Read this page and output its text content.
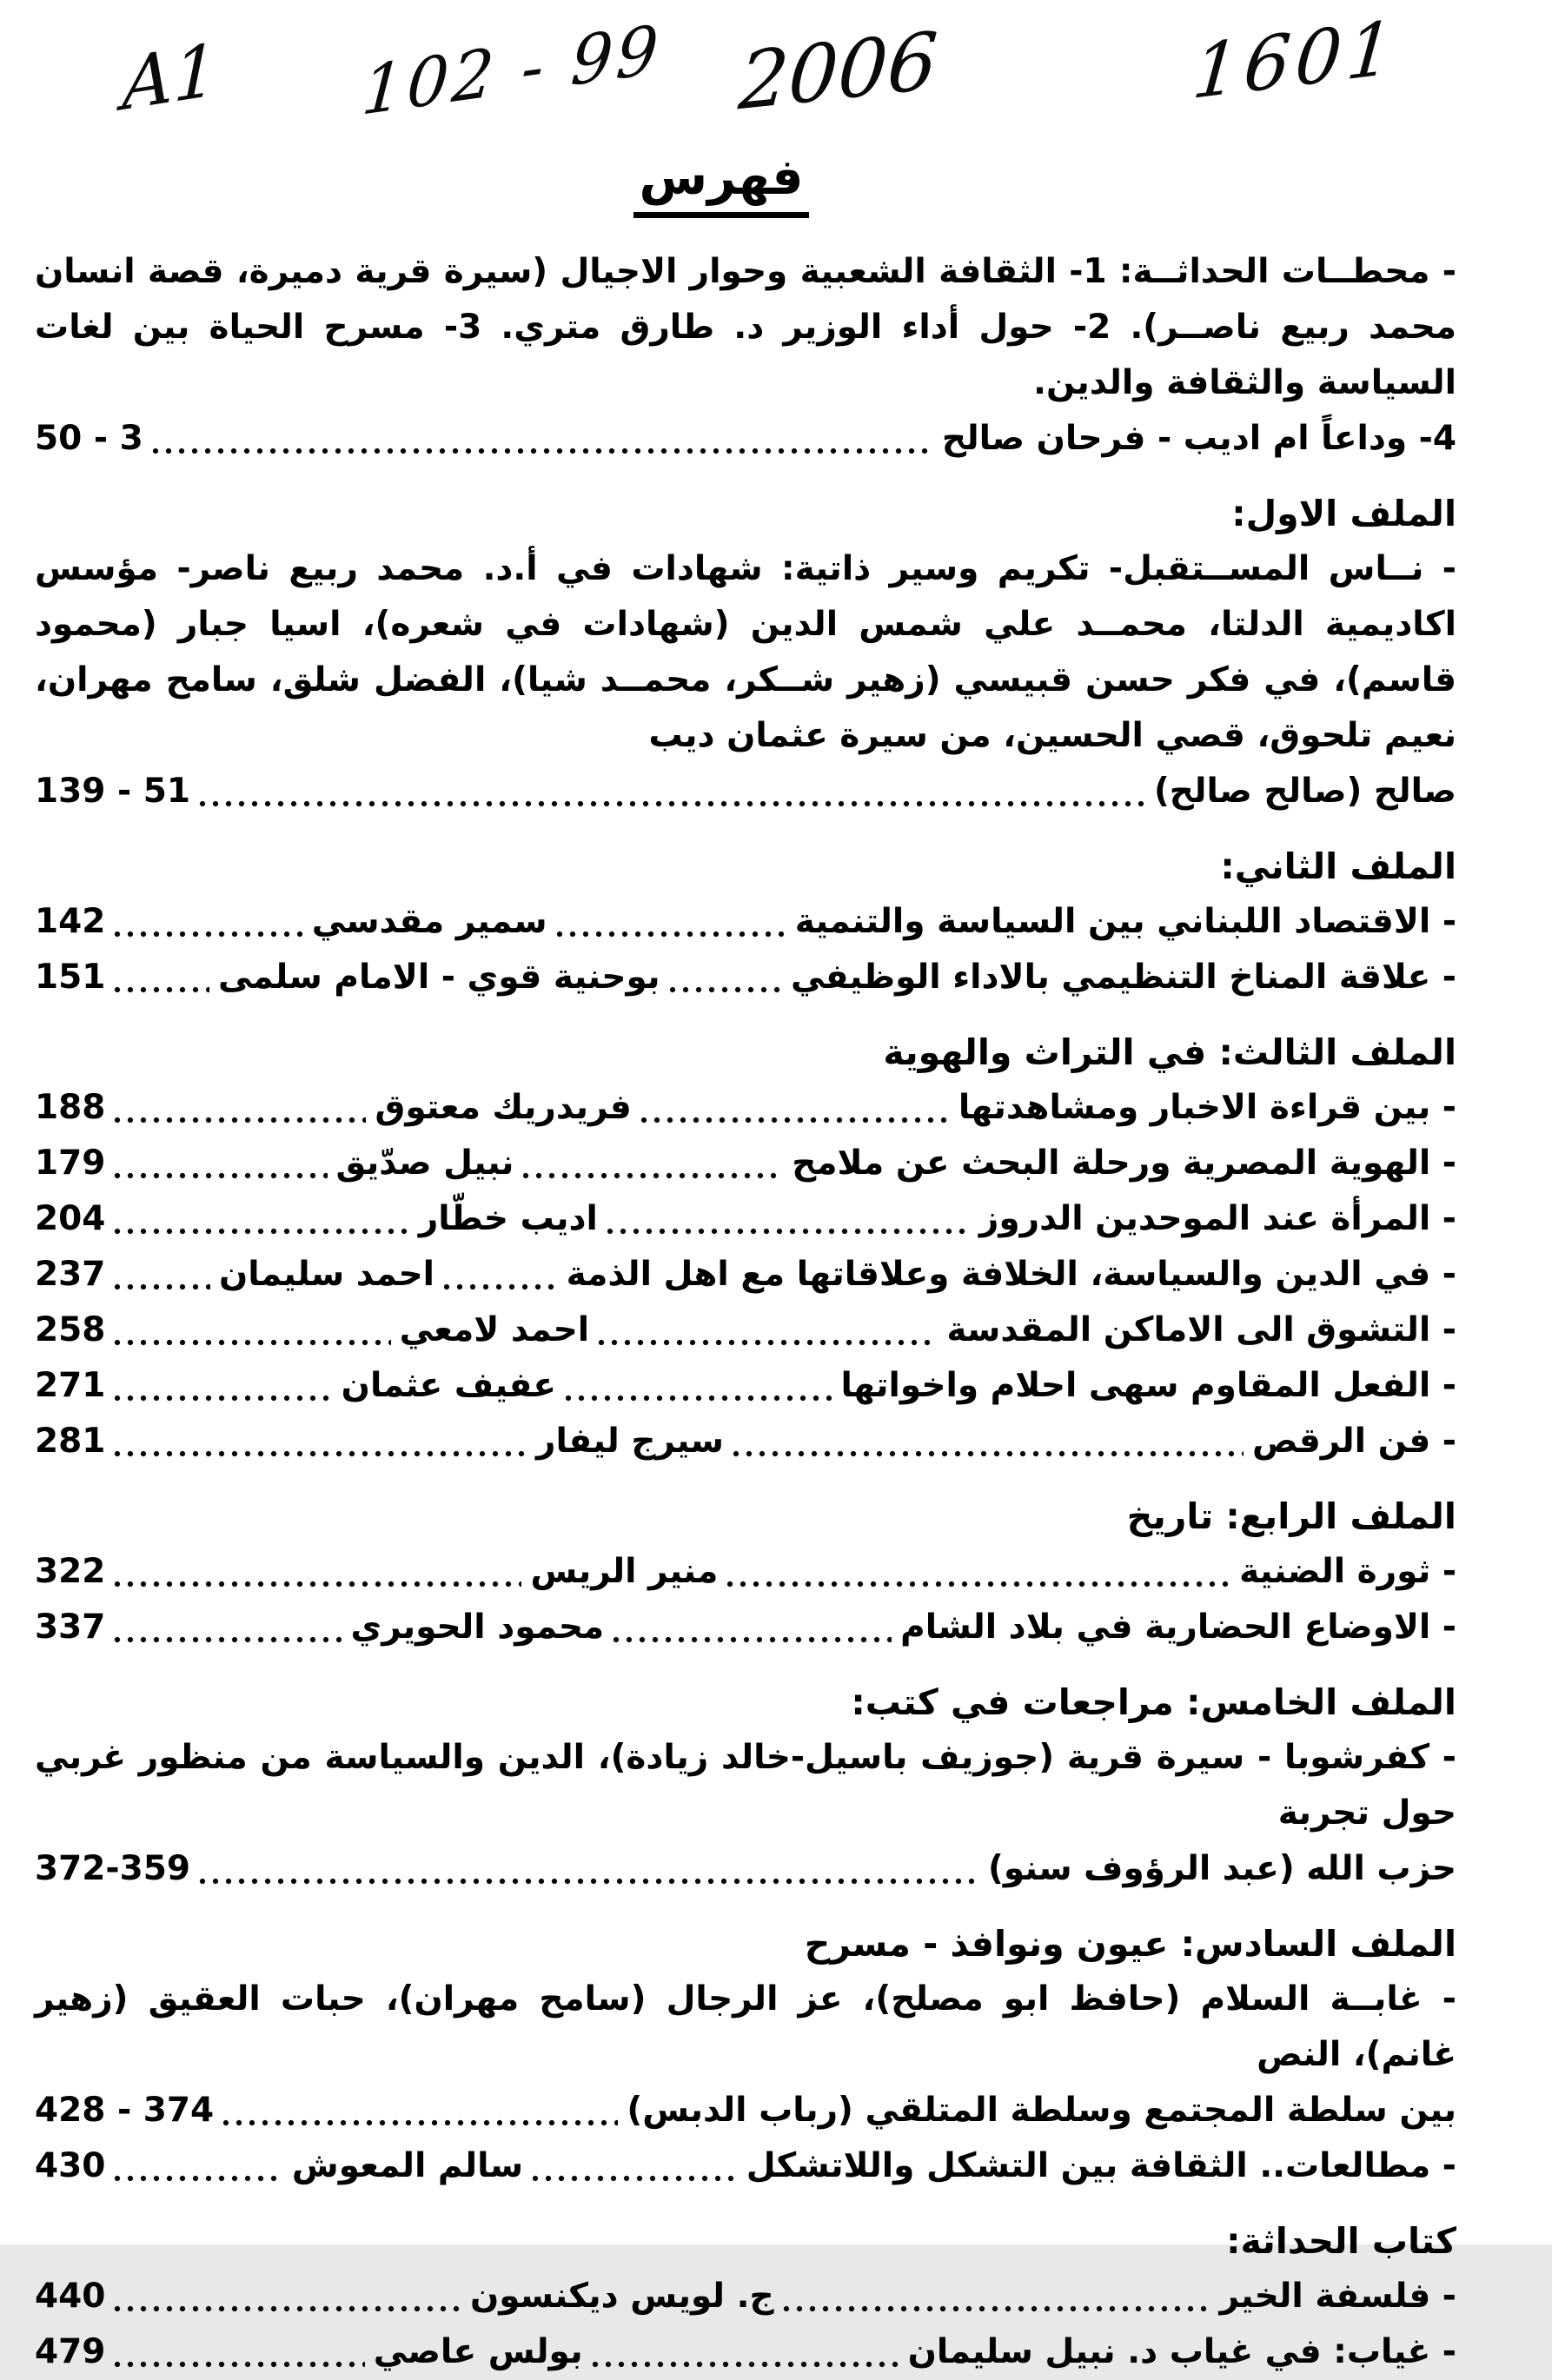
A1 102 - 99 2006	1601
فهرس
- محطــات الحداثــة: 1- الثقافة الشعبية وحوار الاجيال (سيرة قرية دميرة، قصة انسان محمد ربيع ناصــر). 2- حول أداء الوزير د. طارق متري. 3- مسرح الحياة بين لغات السياسة والثقافة والدين.
4- وداعاً ام اديب - فرحان صالح
50 - 3
الملف الاول:
- نــاس المســتقبل- تكريم وسير ذاتية: شهادات في أ.د. محمد ربيع ناصر- مؤسس اكاديمية الدلتا، محمــد علي شمس الدين (شهادات في شعره)، اسيا جبار (محمود قاسم)، في فكر حسن قبيسي (زهير شــكر، محمــد شيا)، الفضل شلق، سامح مهران، نعيم تلحوق، قصي الحسين، من سيرة عثمان ديب
صالح (صالح صالح)
139 - 51
الملف الثاني:
- الاقتصاد اللبناني بين السياسة والتنمية
سمير مقدسي
142
- علاقة المناخ التنظيمي بالاداء الوظيفي
بوحنية قوي - الامام سلمى
151
الملف الثالث: في التراث والهوية
- بين قراءة الاخبار ومشاهدتها
فريدريك معتوق
188
- الهوية المصرية ورحلة البحث عن ملامح
نبيل صدّيق
179
- المرأة عند الموحدين الدروز
اديب خطّار
204
- في الدين والسياسة، الخلافة وعلاقاتها مع اهل الذمة
احمد سليمان
237
- التشوق الى الاماكن المقدسة
احمد لامعي
258
- الفعل المقاوم سهى احلام واخواتها
عفيف عثمان
271
- فن الرقص
سيرج ليفار
281
الملف الرابع: تاريخ
- ثورة الضنية
منير الريس
322
- الاوضاع الحضارية في بلاد الشام
محمود الحويري
337
الملف الخامس: مراجعات في كتب:
- كفرشوبا - سيرة قرية (جوزيف باسيل-خالد زيادة)، الدين والسياسة من منظور غربي حول تجربة
حزب الله (عبد الرؤوف سنو)
372-359
الملف السادس: عيون ونوافذ - مسرح
- غابــة السلام (حافظ ابو مصلح)، عز الرجال (سامح مهران)، حبات العقيق (زهير غانم)، النص
بين سلطة المجتمع وسلطة المتلقي (رباب الدبس)
428 - 374
- مطالعات.. الثقافة بين التشكل واللاتشكل
سالم المعوش
430
كتاب الحداثة:
- فلسفة الخير
ج. لويس ديكنسون
440
- غياب: في غياب د. نبيل سليمان
بولس عاصي
479
